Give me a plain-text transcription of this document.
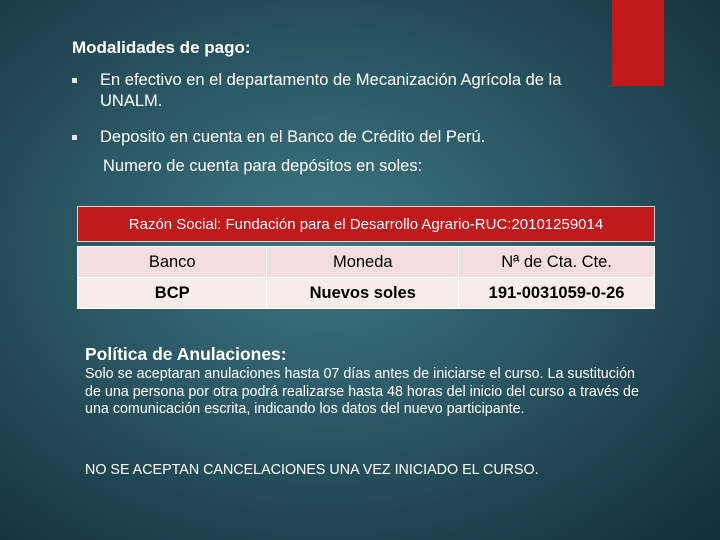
Modalidades de pago:
En efectivo en el departamento de Mecanización Agrícola de la UNALM.
Deposito en cuenta en el Banco de Crédito del Perú.
Numero de cuenta para depósitos en soles:
Razón Social: Fundación para el Desarrollo Agrario-RUC:20101259014		

Banco	Moneda	Nª de Cta. Cte.
BCP	Nuevos soles	191-0031059-0-26
Política de Anulaciones:

Solo se aceptaran anulaciones hasta 07 días antes de iniciarse el curso. La sustitución de una persona por otra podrá realizarse hasta 48 horas del inicio del curso a través de una comunicación escrita, indicando los datos del nuevo participante.

NO SE ACEPTAN CANCELACIONES UNA VEZ INICIADO EL CURSO.
